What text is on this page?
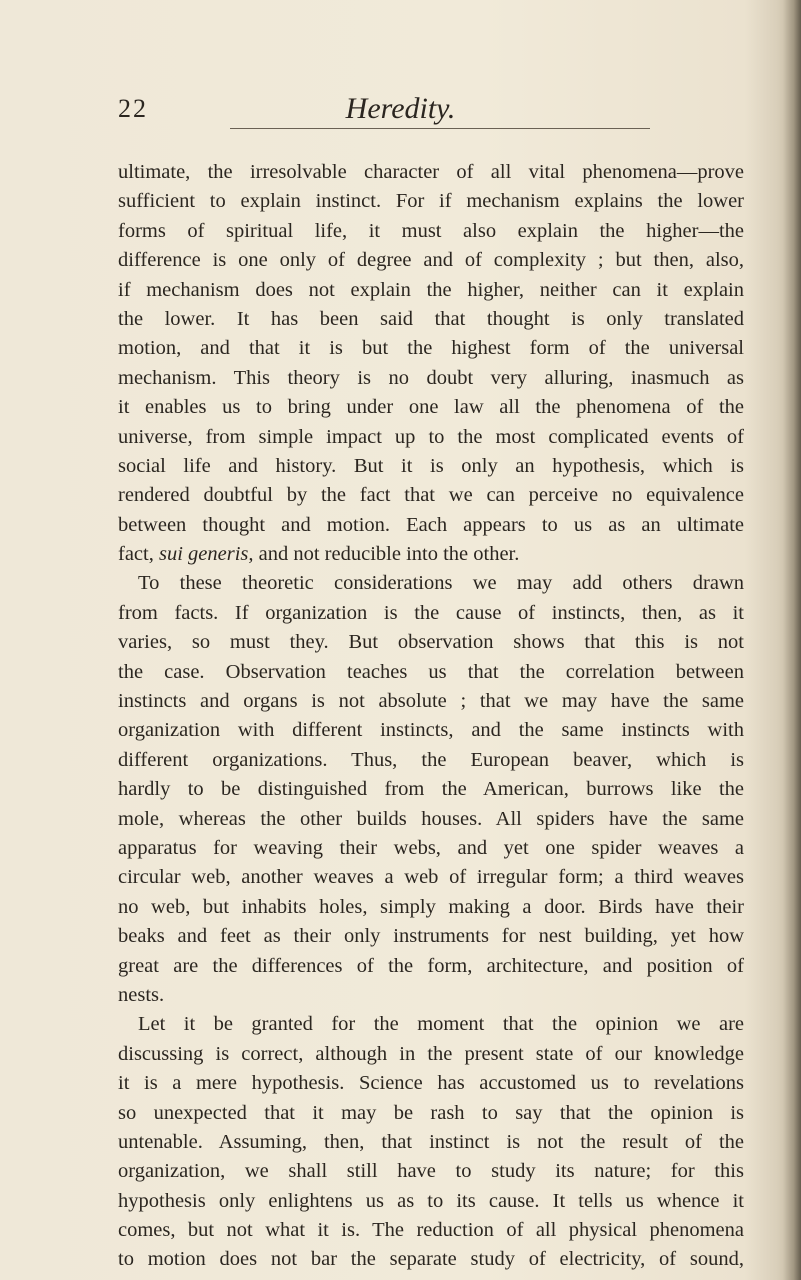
22	Heredity.
ultimate, the irresolvable character of all vital phenomena—prove
sufficient to explain instinct. For if mechanism explains the lower
forms of spiritual life, it must also explain the higher—the
difference is one only of degree and of complexity ; but then, also,
if mechanism does not explain the higher, neither can it explain
the lower. It has been said that thought is only translated
motion, and that it is but the highest form of the universal
mechanism. This theory is no doubt very alluring, inasmuch as
it enables us to bring under one law all the phenomena of the
universe, from simple impact up to the most complicated events of
social life and history. But it is only an hypothesis, which is
rendered doubtful by the fact that we can perceive no equivalence
between thought and motion. Each appears to us as an ultimate
fact, sui generis, and not reducible into the other.
To these theoretic considerations we may add others drawn
from facts. If organization is the cause of instincts, then, as it
varies, so must they. But observation shows that this is not
the case. Observation teaches us that the correlation between
instincts and organs is not absolute ; that we may have the same
organization with different instincts, and the same instincts with
different organizations. Thus, the European beaver, which is
hardly to be distinguished from the American, burrows like the
mole, whereas the other builds houses. All spiders have the same
apparatus for weaving their webs, and yet one spider weaves a
circular web, another weaves a web of irregular form; a third weaves
no web, but inhabits holes, simply making a door. Birds have their
beaks and feet as their only instruments for nest building, yet how
great are the differences of the form, architecture, and position of
nests.
Let it be granted for the moment that the opinion we are
discussing is correct, although in the present state of our knowledge
it is a mere hypothesis. Science has accustomed us to revelations
so unexpected that it may be rash to say that the opinion is
untenable. Assuming, then, that instinct is not the result of the
organization, we shall still have to study its nature; for this
hypothesis only enlightens us as to its cause. It tells us whence it
comes, but not what it is. The reduction of all physical phenomena
to motion does not bar the separate study of electricity, of sound,
